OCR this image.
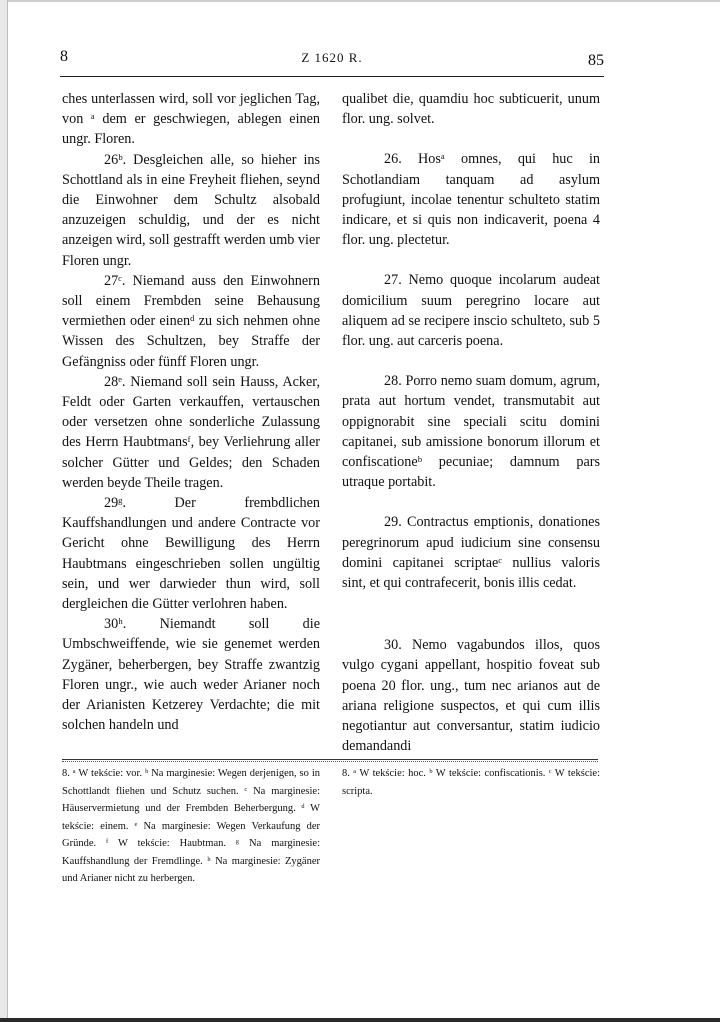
8	Z 1620 R.	85

ches unterlassen wird, soll vor jeglichen Tag, von ᵃ dem er geschwiegen, ablegen einen ungr. Floren.

26ᵇ. Desgleichen alle, so hieher ins Schottland als in eine Freyheit fliehen, seynd die Einwohner dem Schultz alsobald anzuzeigen schuldig, und der es nicht anzeigen wird, soll gestrafft werden umb vier Floren ungr.

27ᶜ. Niemand auss den Einwohnern soll einem Frembden seine Behausung vermiethen oder einenᵈ zu sich nehmen ohne Wissen des Schultzen, bey Straffe der Gefängniss oder fünff Floren ungr.

28ᵉ. Niemand soll sein Hauss, Acker, Feldt oder Garten verkauffen, vertauschen oder versetzen ohne sonderliche Zulassung des Herrn Haubtmansᶠ, bey Verliehrung aller solcher Gütter und Geldes; den Schaden werden beyde Theile tragen.

29ᵍ. Der frembdlichen Kauffshandlungen und andere Contracte vor Gericht ohne Bewilligung des Herrn Haubtmans eingeschrieben sollen ungültig sein, und wer darwieder thun wird, soll dergleichen die Gütter verlohren haben.

30ʰ. Niemandt soll die Umbschweiffende, wie sie genemet werden Zygäner, beherbergen, bey Straffe zwantzig Floren ungr., wie auch weder Arianer noch der Arianisten Ketzerey Verdachte; die mit solchen handeln und

qualibet die, quamdiu hoc subticuerit, unum flor. ung. solvet.

26. Hosᵃ omnes, qui huc in Schotlandiam tanquam ad asylum profugiunt, incolae tenentur schulteto statim indicare, et si quis non indicaverit, poena 4 flor. ung. plectetur.

27. Nemo quoque incolarum audeat domicilium suum peregrino locare aut aliquem ad se recipere inscio schulteto, sub 5 flor. ung. aut carceris poena.

28. Porro nemo suam domum, agrum, prata aut hortum vendet, transmutabit aut oppignorabit sine speciali scitu domini capitanei, sub amissione bonorum illorum et confiscationeᵇ pecuniae; damnum pars utraque portabit.

29. Contractus emptionis, donationes peregrinorum apud iudicium sine consensu domini capitanei scriptaeᶜ nullius valoris sint, et qui contrafecerit, bonis illis cedat.

30. Nemo vagabundos illos, quos vulgo cygani appellant, hospitio foveat sub poena 20 flor. ung., tum nec arianos aut de ariana religione suspectos, et qui cum illis negotiantur aut conversantur, statim iudicio demandandi

8. ᵃ W tekście: vor. ᵇ Na marginesie: Wegen derjenigen, so in Schottlandt fliehen und Schutz suchen. ᶜ Na marginesie: Häuservermietung und der Frembden Beherbergung. ᵈ W tekście: einem. ᵉ Na marginesie: Wegen Verkaufung der Gründe. ᶠ W tekście: Haubtman. ᵍ Na marginesie: Kauffshandlung der Fremdlinge. ʰ Na marginesie: Zygäner und Arianer nicht zu herbergen.

8. ᵃ W tekście: hoc. ᵇ W tekście: confiscationis. ᶜ W tekście: scripta.
